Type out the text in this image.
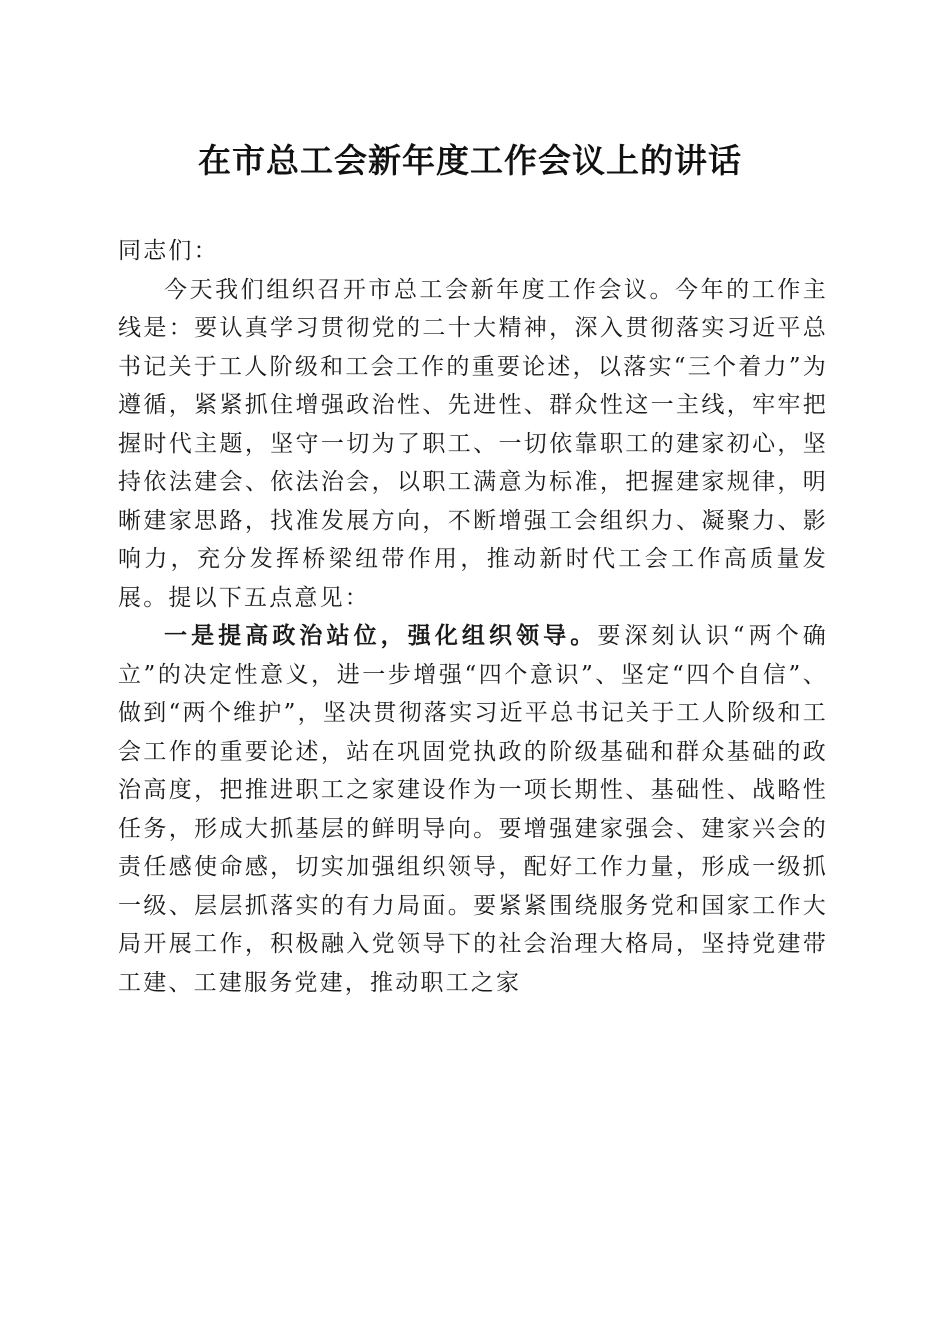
在市总工会新年度工作会议上的讲话

同志们：

今天我们组织召开市总工会新年度工作会议。今年的工作主线是：要认真学习贯彻党的二十大精神，深入贯彻落实习近平总书记关于工人阶级和工会工作的重要论述，以落实“三个着力”为遵循，紧紧抓住增强政治性、先进性、群众性这一主线，牢牢把握时代主题，坚守一切为了职工、一切依靠职工的建家初心，坚持依法建会、依法治会，以职工满意为标准，把握建家规律，明晰建家思路，找准发展方向，不断增强工会组织力、凝聚力、影响力，充分发挥桥梁纽带作用，推动新时代工会工作高质量发展。提以下五点意见：

一是提高政治站位，强化组织领导。要深刻认识“两个确立”的决定性意义，进一步增强“四个意识”、坚定“四个自信”、做到“两个维护”，坚决贯彻落实习近平总书记关于工人阶级和工会工作的重要论述，站在巩固党执政的阶级基础和群众基础的政治高度，把推进职工之家建设作为一项长期性、基础性、战略性任务，形成大抓基层的鲜明导向。要增强建家强会、建家兴会的责任感使命感，切实加强组织领导，配好工作力量，形成一级抓一级、层层抓落实的有力局面。要紧紧围绕服务党和国家工作大局开展工作，积极融入党领导下的社会治理大格局，坚持党建带工建、工建服务党建，推动职工之家
